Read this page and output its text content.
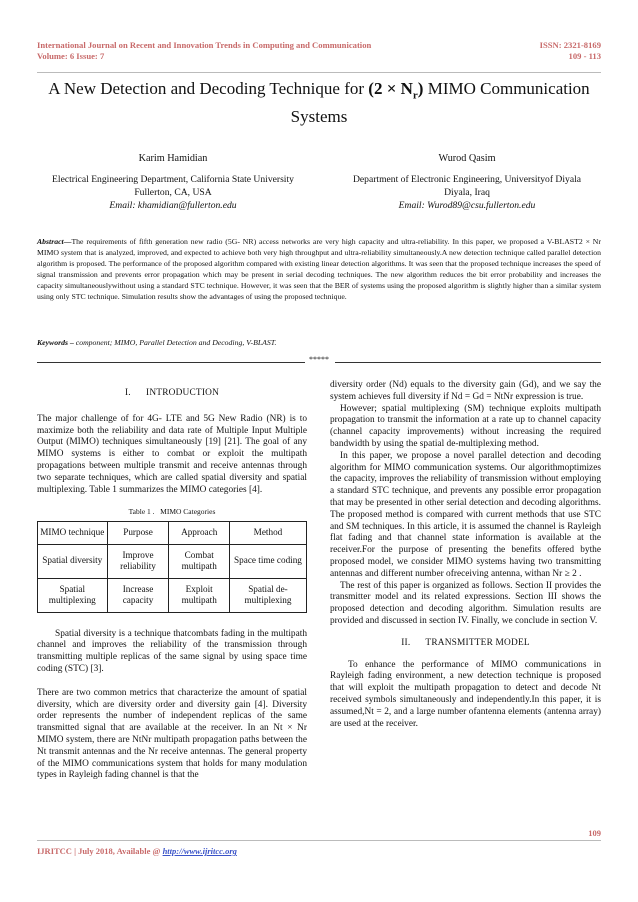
International Journal on Recent and Innovation Trends in Computing and Communication
Volume: 6 Issue: 7
ISSN: 2321-8169
109 - 113
A New Detection and Decoding Technique for $(2 \times N_r)$ MIMO Communication
Systems
Karim Hamidian
Electrical Engineering Department, California State University
Fullerton, CA, USA
Email: khamidian@fullerton.edu
Wurod Qasim
Department of Electronic Engineering, Universityof Diyala
Diyala, Iraq
Email: Wurod89@csu.fullerton.edu
Abstract—The requirements of fifth generation new radio (5G- NR) access networks are very high capacity and ultra-reliability. In this paper, we proposed a V-BLAST2 × Nr MIMO system that is analyzed, improved, and expected to achieve both very high throughput and ultra-reliability simultaneously.A new detection technique called parallel detection algorithm is proposed. The performance of the proposed algorithm compared with existing linear detection algorithms. It was seen that the proposed technique increases the speed of signal transmission and prevents error propagation which may be present in serial decoding techniques. The new algorithm reduces the bit error probability and increases the capacity simultaneouslywithout using a standard STC technique. However, it was seen that the BER of systems using the proposed algorithm is slightly higher than a similar system using only STC technique. Simulation results show the advantages of using the proposed technique.
Keywords – component; MIMO, Parallel Detection and Decoding, V-BLAST.
*****
I.      INTRODUCTION

The major challenge of for 4G- LTE and 5G New Radio (NR) is to maximize both the reliability and data rate of Multiple Input Multiple Output (MIMO) techniques simultaneously [19] [21]. The goal of any MIMO systems is either to combat or exploit the multipath propagations between multiple transmit and receive antennas through two separate techniques, which are called spatial diversity and spatial multiplexing. Table 1 summarizes the MIMO categories [4].

Table 1 .   MIMO Categories
MIMO technique	Purpose	Approach	Method
Spatial diversity	Improve reliability	Combat multipath	Space time coding
Spatial multiplexing	Increase capacity	Exploit multipath	Spatial de-multiplexing

Spatial diversity is a technique thatcombats fading in the multipath channel and improves the reliability of the transmission through transmitting multiple replicas of the same signal by using space time coding (STC) [3].

There are two common metrics that characterize the amount of spatial diversity, which are diversity order and diversity gain [4]. Diversity order represents the number of independent replicas of the same transmitted signal that are available at the receiver. In an Nt × Nr MIMO system, there are NtNr multipath propagation paths between the Nt transmit antennas and the Nr receive antennas. The general property of the MIMO communications system that holds for many modulation types in Rayleigh fading channel is that the

diversity order (Nd) equals to the diversity gain (Gd), and we say the system achieves full diversity if Nd = Gd = NtNr expression is true.

However; spatial multiplexing (SM) technique exploits multipath propagation to transmit the information at a rate up to channel capacity (channel capacity improvements) without increasing the required bandwidth by using the spatial de-multiplexing method.

In this paper, we propose a novel parallel detection and decoding algorithm for MIMO communication systems. Our algorithmoptimizes the capacity, improves the reliability of transmission without employing a standard STC technique, and prevents any possible error propagation that may be presented in other serial detection and decoding algorithms. The proposed method is compared with current methods that use STC and SM techniques. In this article, it is assumed the channel is Rayleigh flat fading and that channel state information is available at the receiver.For the purpose of presenting the benefits offered bythe proposed model, we consider MIMO systems having two transmitting antennas and different number ofreceiving antenna, withan Nr ≥ 2 .

The rest of this paper is organized as follows. Section II provides the transmitter model and its related expressions. Section III shows the proposed detection and decoding algorithm. Simulation results are provided and discussed in section IV. Finally, we conclude in section V.

II.      TRANSMITTER MODEL

To enhance the performance of MIMO communications in Rayleigh fading environment, a new detection technique is proposed that will exploit the multipath propagation to detect and decode Nt received symbols simultaneously and independently.In this paper, it is assumed,Nt = 2, and a large number ofantenna elements (antenna array) are used at the receiver.

109
IJRITCC | July 2018, Available @ http://www.ijritcc.org
